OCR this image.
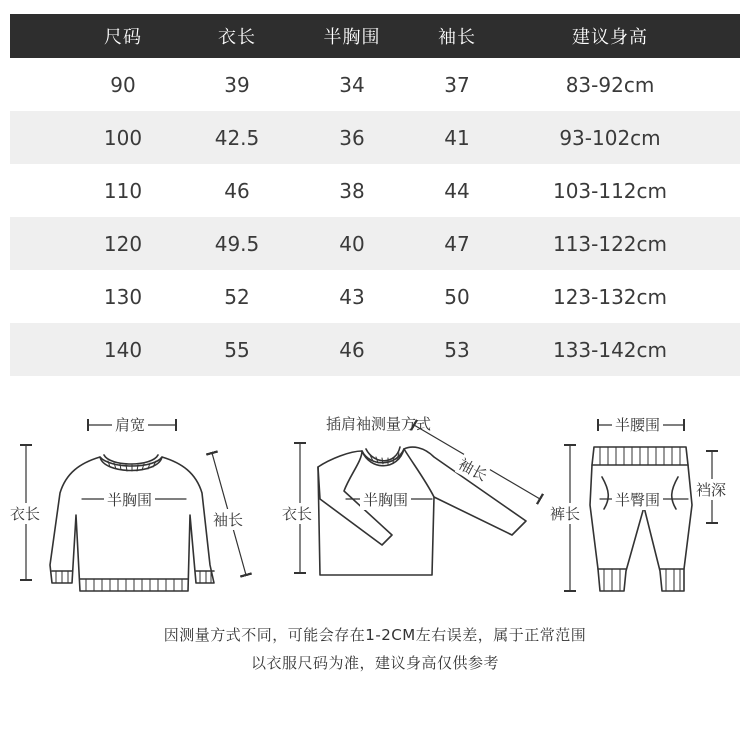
尺码	衣长	半胸围	袖长	建议身高
90	39	34	37	83-92cm
100	42.5	36	41	93-102cm
110	46	38	44	103-112cm
120	49.5	40	47	113-122cm
130	52	43	50	123-132cm
140	55	46	53	133-142cm
肩宽
衣长
半胸围
袖长
插肩袖测量方式
衣长
半胸围
袖长
半腰围
裤长
半臀围
裆深
因测量方式不同，可能会存在1-2CM左右误差，属于正常范围
以衣服尺码为准，建议身高仅供参考
